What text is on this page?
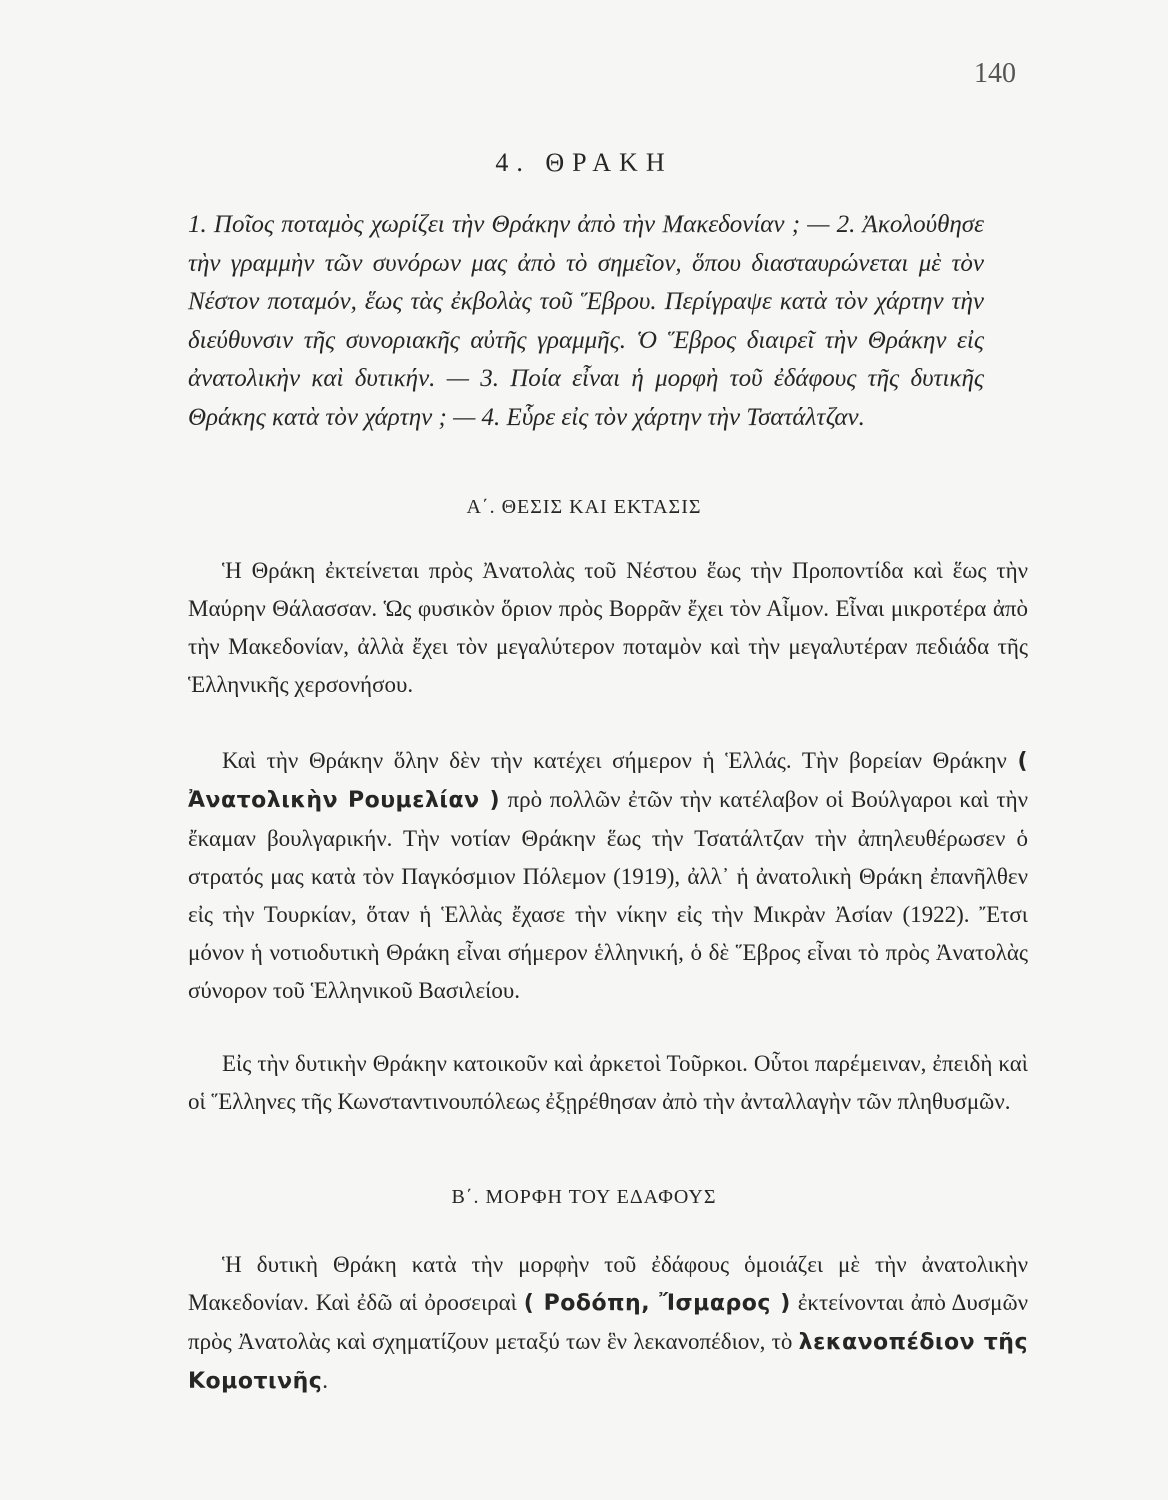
140
4. ΘΡΑΚΗ

1. Ποῖος ποταμὸς χωρίζει τὴν Θράκην ἀπὸ τὴν Μακεδονίαν ; — 2. Ἀκολούθησε τὴν γραμμὴν τῶν συνόρων μας ἀπὸ τὸ σημεῖον, ὅπου διασταυρώνεται μὲ τὸν Νέστον ποταμόν, ἕως τὰς ἐκβολὰς τοῦ Ἕβρου. Περίγραψε κατὰ τὸν χάρτην τὴν διεύθυνσιν τῆς συνοριακῆς αὐτῆς γραμμῆς. Ὁ Ἕβρος διαιρεῖ τὴν Θράκην εἰς ἀνατολικὴν καὶ δυτικήν. — 3. Ποία εἶναι ἡ μορφὴ τοῦ ἐδάφους τῆς δυτικῆς Θράκης κατὰ τὸν χάρτην ; — 4. Εὗρε εἰς τὸν χάρτην τὴν Τσατάλτζαν.

Α΄. ΘΕΣΙΣ ΚΑΙ ΕΚΤΑΣΙΣ

Ἡ Θράκη ἐκτείνεται πρὸς Ἀνατολὰς τοῦ Νέστου ἕως τὴν Προποντίδα καὶ ἕως τὴν Μαύρην Θάλασσαν. Ὡς φυσικὸν ὅριον πρὸς Βορρᾶν ἔχει τὸν Αἶμον. Εἶναι μικροτέρα ἀπὸ τὴν Μακεδονίαν, ἀλλὰ ἔχει τὸν μεγαλύτερον ποταμὸν καὶ τὴν μεγαλυτέραν πεδιάδα τῆς Ἑλληνικῆς χερσονήσου.

Καὶ τὴν Θράκην ὅλην δὲν τὴν κατέχει σήμερον ἡ Ἑλλάς. Τὴν βορείαν Θράκην ( Ἀνατολικὴν Ρουμελίαν ) πρὸ πολλῶν ἐτῶν τὴν κατέλαβον οἱ Βούλγαροι καὶ τὴν ἔκαμαν βουλγαρικήν. Τὴν νοτίαν Θράκην ἕως τὴν Τσατάλτζαν τὴν ἀπηλευθέρωσεν ὁ στρατός μας κατὰ τὸν Παγκόσμιον Πόλεμον (1919), ἀλλ᾽ ἡ ἀνατολικὴ Θράκη ἐπανῆλθεν εἰς τὴν Τουρκίαν, ὅταν ἡ Ἑλλὰς ἔχασε τὴν νίκην εἰς τὴν Μικρὰν Ἀσίαν (1922). Ἔτσι μόνον ἡ νοτιοδυτικὴ Θράκη εἶναι σήμερον ἑλληνική, ὁ δὲ Ἕβρος εἶναι τὸ πρὸς Ἀνατολὰς σύνορον τοῦ Ἑλληνικοῦ Βασιλείου.

Εἰς τὴν δυτικὴν Θράκην κατοικοῦν καὶ ἀρκετοὶ Τοῦρκοι. Οὗτοι παρέμειναν, ἐπειδὴ καὶ οἱ Ἕλληνες τῆς Κωνσταντινουπόλεως ἐξῃρέθησαν ἀπὸ τὴν ἀνταλλαγὴν τῶν πληθυσμῶν.

Β΄. ΜΟΡΦΗ ΤΟΥ ΕΔΑΦΟΥΣ

Ἡ δυτικὴ Θράκη κατὰ τὴν μορφὴν τοῦ ἐδάφους ὁμοιάζει μὲ τὴν ἀνατολικὴν Μακεδονίαν. Καὶ ἐδῶ αἱ ὀροσειραὶ ( Ροδόπη, Ἴσμαρος ) ἐκτείνονται ἀπὸ Δυσμῶν πρὸς Ἀνατολὰς καὶ σχηματίζουν μεταξύ των ἓν λεκανοπέδιον, τὸ λεκανοπέδιον τῆς Κομοτινῆς.
